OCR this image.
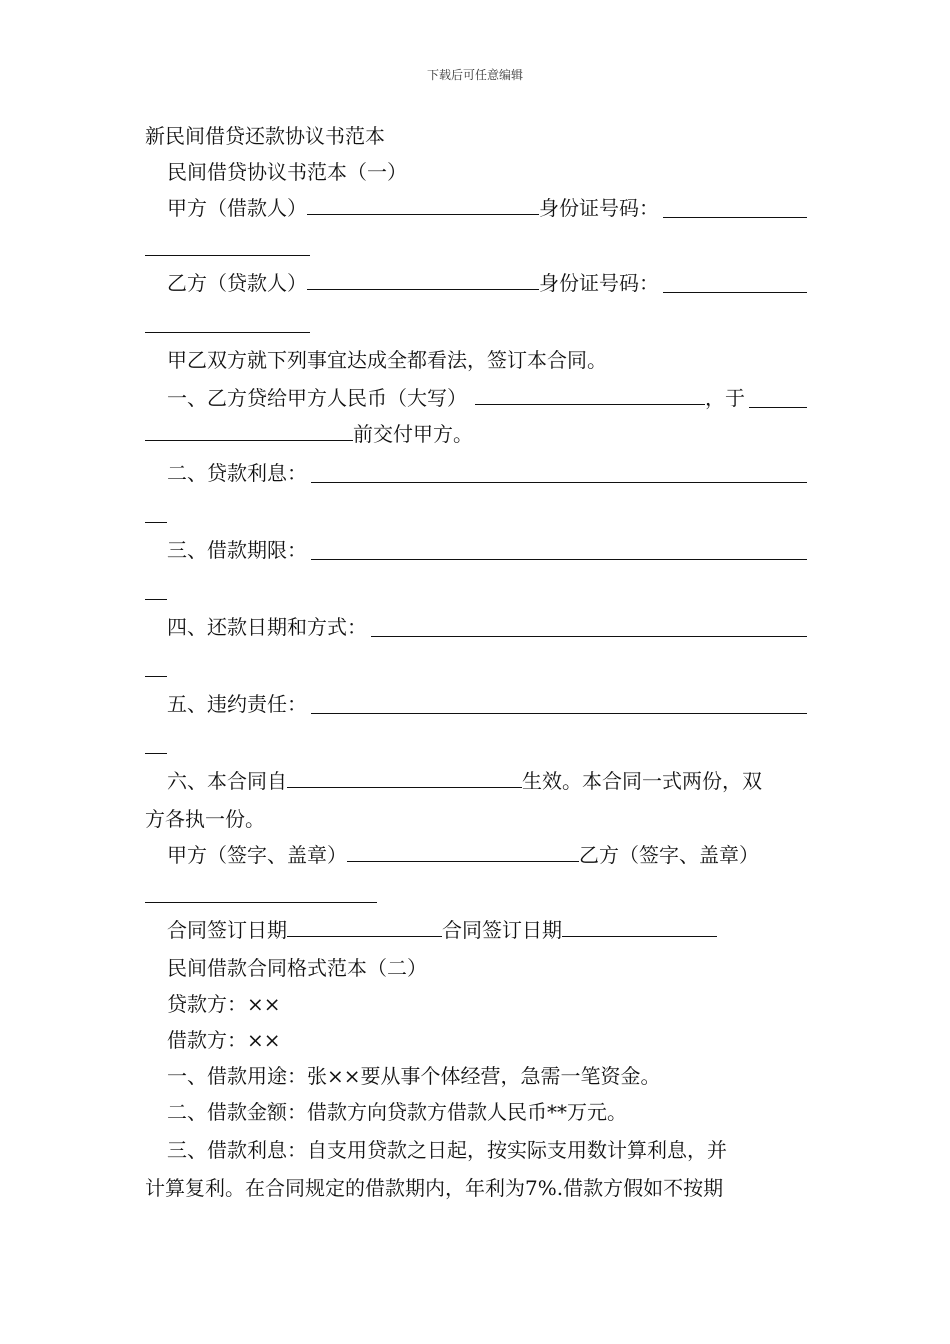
下载后可任意编辑
新民间借贷还款协议书范本
民间借贷协议书范本（一）
甲方（借款人）	身份证号码：
乙方（贷款人）	身份证号码：
甲乙双方就下列事宜达成全都看法，签订本合同。
一、乙方贷给甲方人民币（大写）	，于
前交付甲方。
二、贷款利息：
三、借款期限：
四、还款日期和方式：
五、违约责任：
六、本合同自	生效。本合同一式两份，双
方各执一份。
甲方（签字、盖章）	乙方（签字、盖章）
合同签订日期	合同签订日期
民间借款合同格式范本（二）
贷款方：××
借款方：××
一、借款用途：张××要从事个体经营，急需一笔资金。
二、借款金额：借款方向贷款方借款人民币**万元。
三、借款利息：自支用贷款之日起，按实际支用数计算利息，并
计算复利。在合同规定的借款期内，年利为7%.借款方假如不按期
